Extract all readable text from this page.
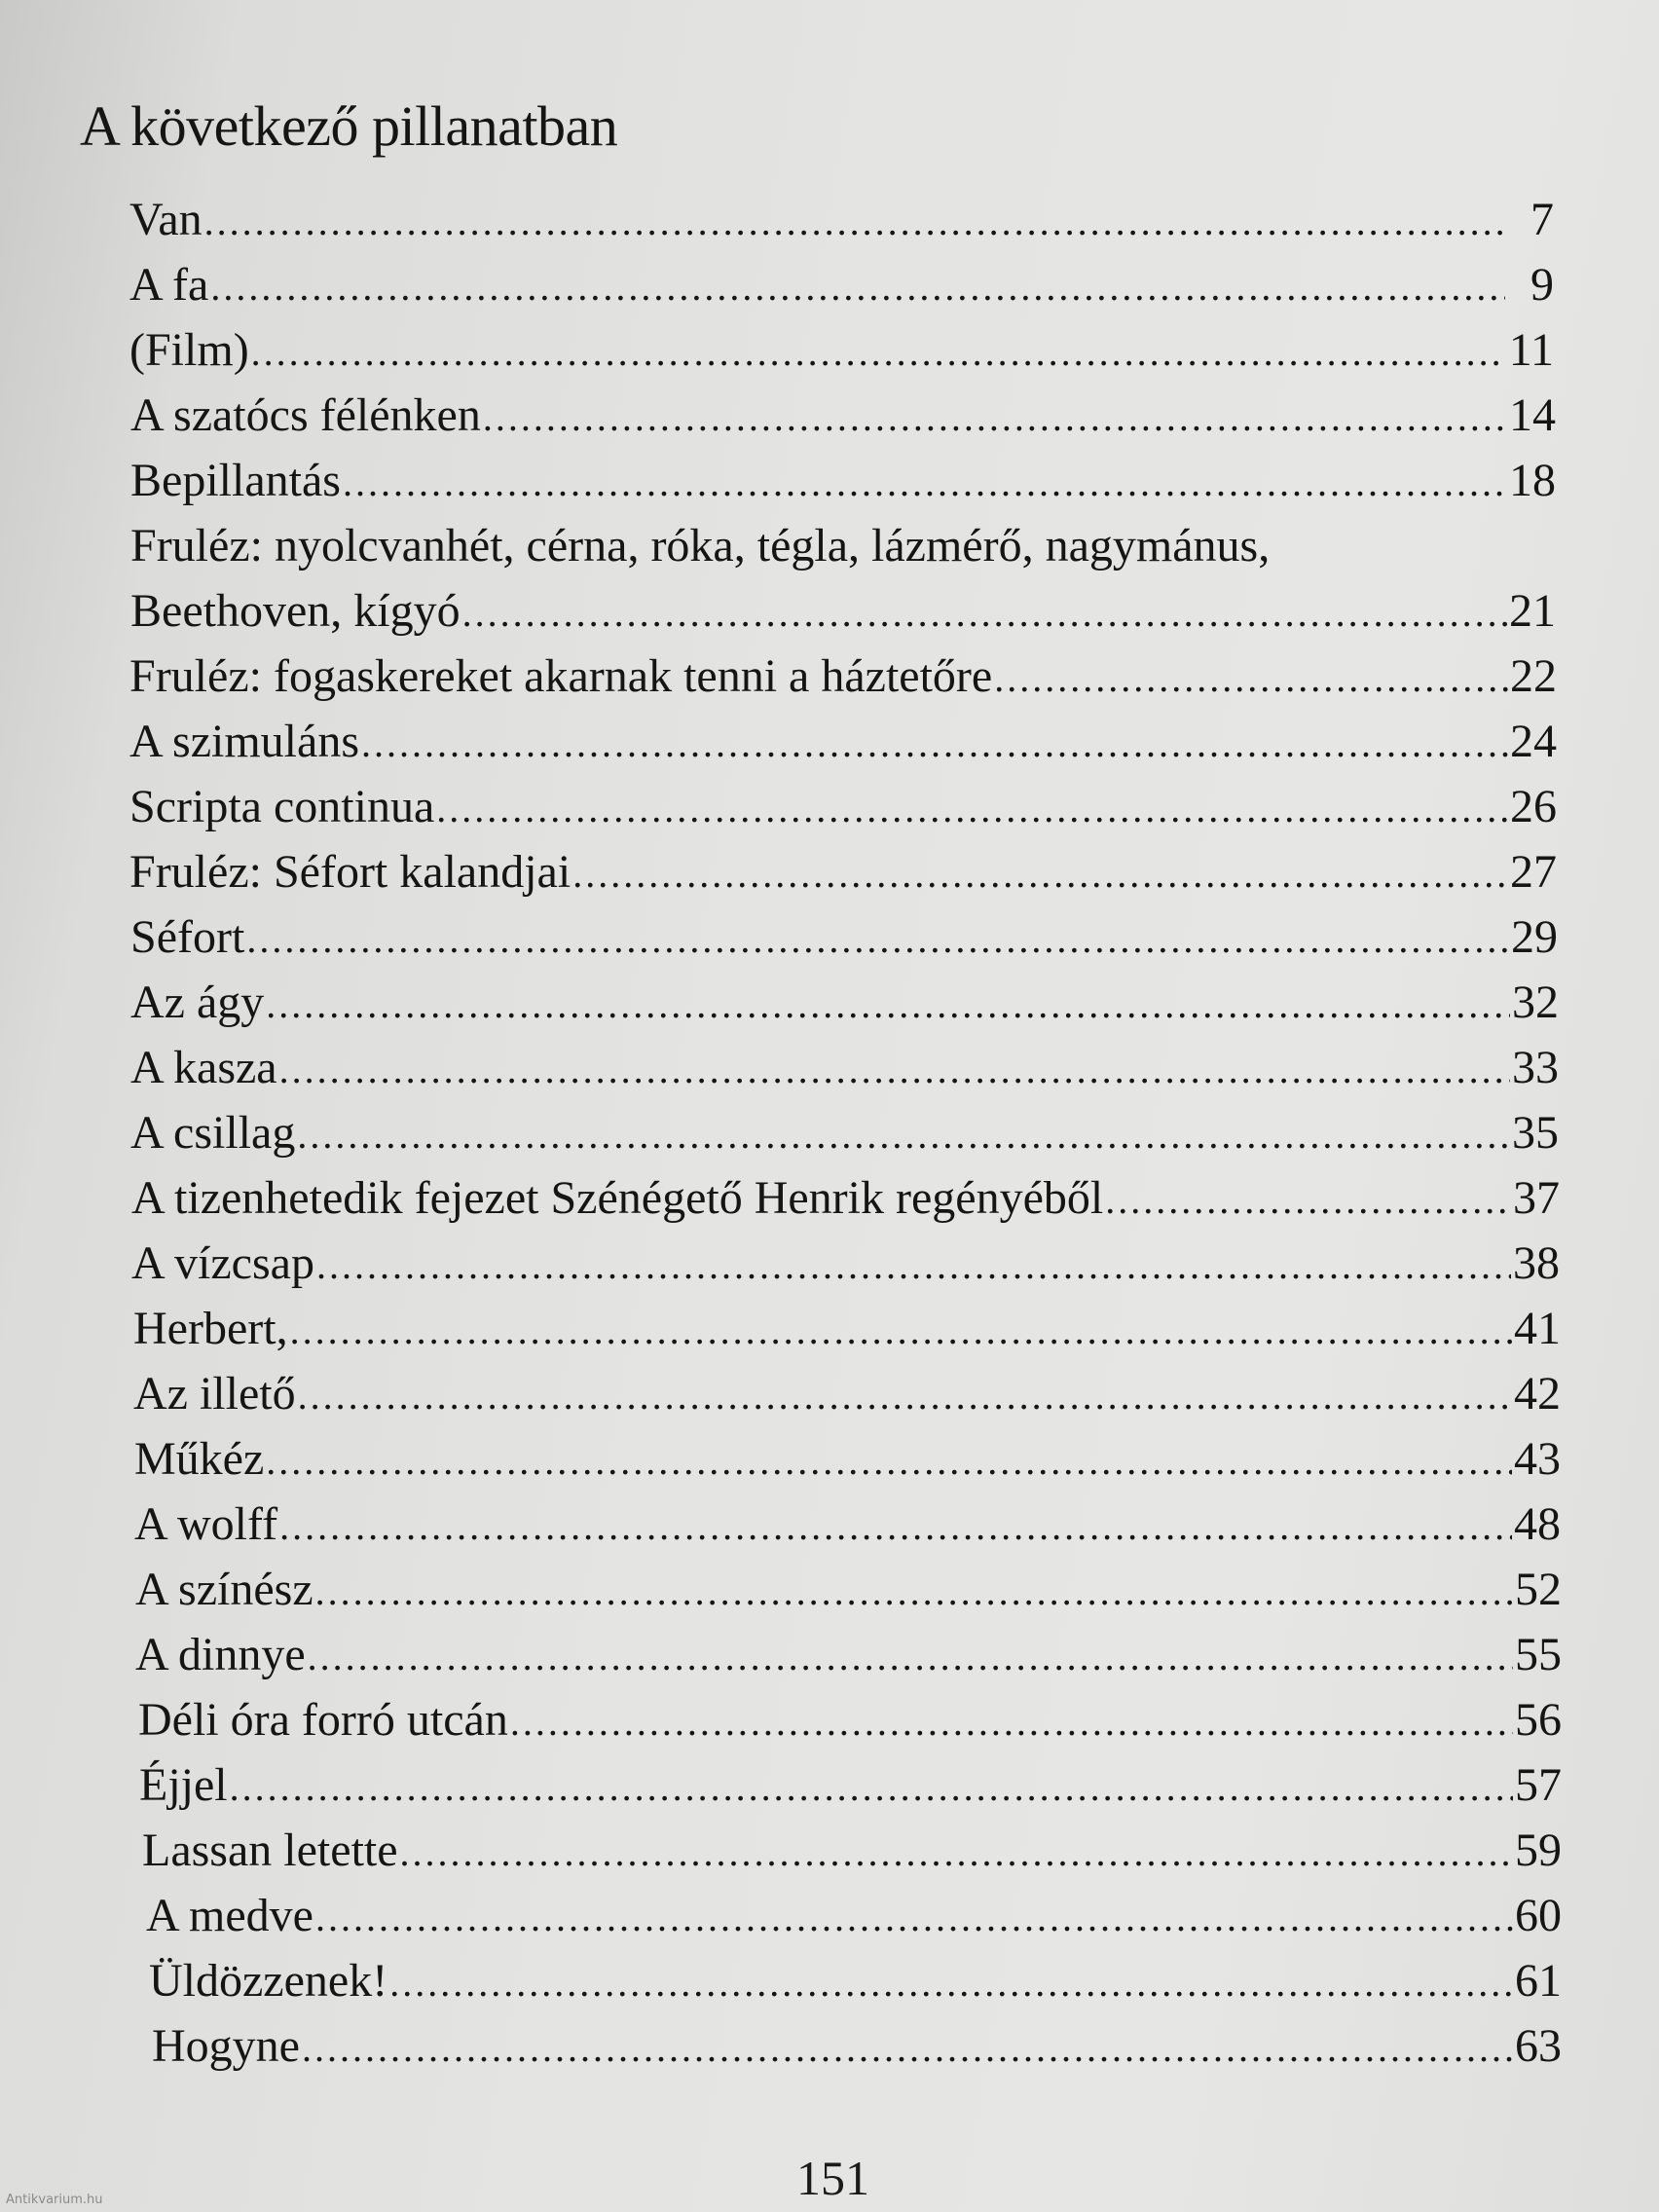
A következő pillanatban
Van .....	7
A fa .....	9
(Film) .....	11
A szatócs félénken .....	14
Bepillantás .....	18
Fruléz: nyolcvanhét, cérna, róka, tégla, lázmérő, nagymánus,
Beethoven, kígyó .....	21
Fruléz: fogaskereket akarnak tenni a háztetőre .....	22
A szimuláns .....	24
Scripta continua .....	26
Fruléz: Séfort kalandjai .....	27
Séfort .....	29
Az ágy .....	32
A kasza .....	33
A csillag .....	35
A tizenhetedik fejezet Szénégető Henrik regényéből .....	37
A vízcsap .....	38
Herbert, .....	41
Az illető .....	42
Műkéz .....	43
A wolff .....	48
A színész .....	52
A dinnye .....	55
Déli óra forró utcán .....	56
Éjjel .....	57
Lassan letette .....	59
A medve .....	60
Üldözzenek! .....	61
Hogyne .....	63
151
Antikvarium.hu
